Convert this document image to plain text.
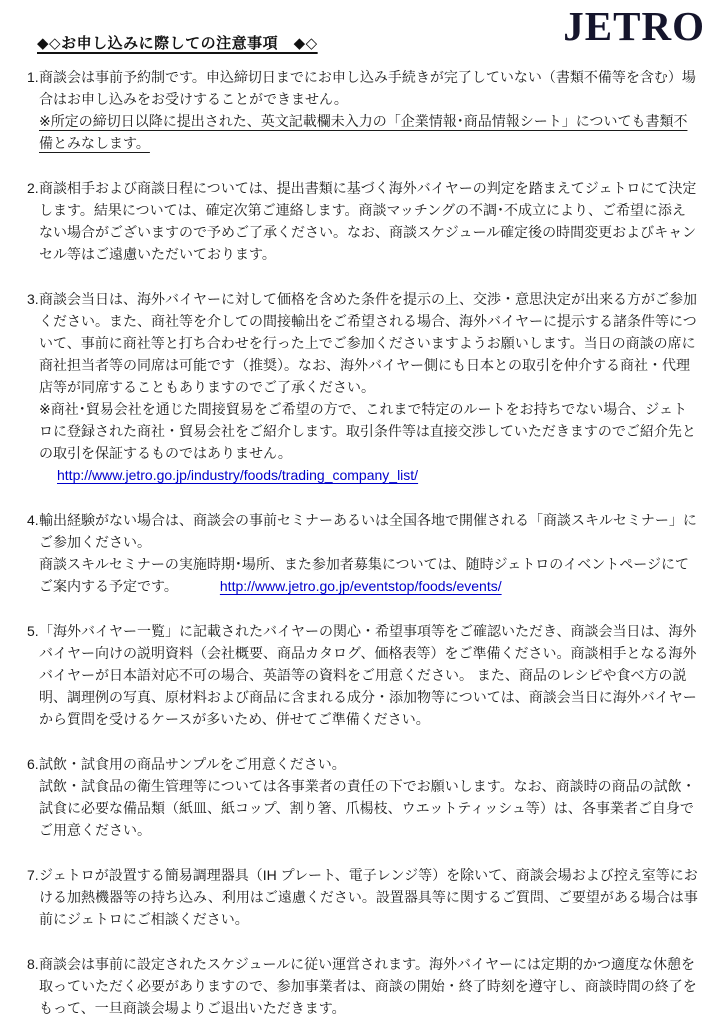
◆◇お申し込みに際しての注意事項　◆◇	JETRO
1. 商談会は事前予約制です。申込締切日までにお申し込み手続きが完了していない（書類不備等を含む）場合はお申し込みをお受けすることができません。

※所定の締切日以降に提出された、英文記載欄未入力の「企業情報･商品情報シート」についても書類不備とみなします。

2. 商談相手および商談日程については、提出書類に基づく海外バイヤーの判定を踏まえてジェトロにて決定します。結果については、確定次第ご連絡します。商談マッチングの不調･不成立により、ご希望に添えない場合がございますので予めご了承ください。なお、商談スケジュール確定後の時間変更およびキャンセル等はご遠慮いただいております。

3. 商談会当日は、海外バイヤーに対して価格を含めた条件を提示の上、交渉・意思決定が出来る方がご参加ください。また、商社等を介しての間接輸出をご希望される場合、海外バイヤーに提示する諸条件等について、事前に商社等と打ち合わせを行った上でご参加くださいますようお願いします。当日の商談の席に商社担当者等の同席は可能です（推奨）。なお、海外バイヤー側にも日本との取引を仲介する商社・代理店等が同席することもありますのでご了承ください。

※商社･貿易会社を通じた間接貿易をご希望の方で、これまで特定のルートをお持ちでない場合、ジェトロに登録された商社・貿易会社をご紹介します。取引条件等は直接交渉していただきますのでご紹介先との取引を保証するものではありません。

http://www.jetro.go.jp/industry/foods/trading_company_list/

4. 輸出経験がない場合は、商談会の事前セミナーあるいは全国各地で開催される「商談スキルセミナー」にご参加ください。

商談スキルセミナーの実施時期･場所、また参加者募集については、随時ジェトロのイベントページにてご案内する予定です。	http://www.jetro.go.jp/eventstop/foods/events/

5. 「海外バイヤー一覧」に記載されたバイヤーの関心・希望事項等をご確認いただき、商談会当日は、海外バイヤー向けの説明資料（会社概要、商品カタログ、価格表等）をご準備ください。商談相手となる海外バイヤーが日本語対応不可の場合、英語等の資料をご用意ください。 また、商品のレシピや食べ方の説明、調理例の写真、原材料および商品に含まれる成分・添加物等については、商談会当日に海外バイヤーから質問を受けるケースが多いため、併せてご準備ください。

6. 試飲・試食用の商品サンプルをご用意ください。

試飲・試食品の衛生管理等については各事業者の責任の下でお願いします。なお、商談時の商品の試飲・試食に必要な備品類（紙皿、紙コップ、割り箸、爪楊枝、ウエットティッシュ等）は、各事業者ご自身でご用意ください。

7. ジェトロが設置する簡易調理器具（IH プレート、電子レンジ等）を除いて、商談会場および控え室等における加熱機器等の持ち込み、利用はご遠慮ください。設置器具等に関するご質問、ご要望がある場合は事前にジェトロにご相談ください。

8. 商談会は事前に設定されたスケジュールに従い運営されます。海外バイヤーには定期的かつ適度な休憩を取っていただく必要がありますので、参加事業者は、商談の開始・終了時刻を遵守し、商談時間の終了をもって、一旦商談会場よりご退出いただきます。
